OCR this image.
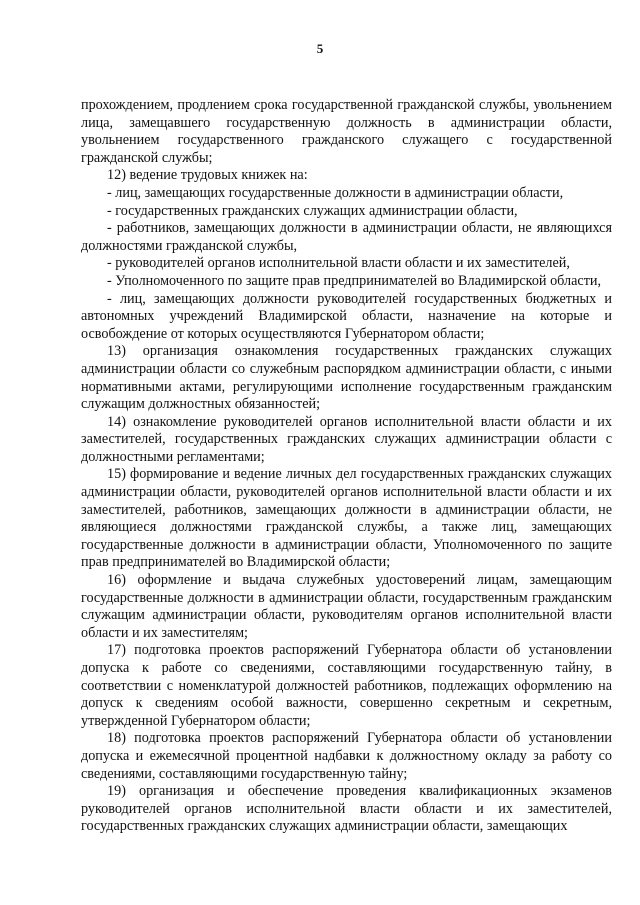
5

прохождением, продлением срока государственной гражданской службы, увольнением лица, замещавшего государственную должность в администрации области, увольнением государственного гражданского служащего с государственной гражданской службы;

12) ведение трудовых книжек на:

- лиц, замещающих государственные должности в администрации области,

- государственных гражданских служащих администрации области,

- работников, замещающих должности в администрации области, не являющихся должностями гражданской службы,

- руководителей органов исполнительной власти области и их заместителей,

- Уполномоченного по защите прав предпринимателей во Владимирской области,

- лиц, замещающих должности руководителей государственных бюджетных и автономных учреждений Владимирской области, назначение на которые и освобождение от которых осуществляются Губернатором области;

13) организация ознакомления государственных гражданских служащих администрации области со служебным распорядком администрации области, с иными нормативными актами, регулирующими исполнение государственным гражданским служащим должностных обязанностей;

14) ознакомление руководителей органов исполнительной власти области и их заместителей, государственных гражданских служащих администрации области с должностными регламентами;

15) формирование и ведение личных дел государственных гражданских служащих администрации области, руководителей органов исполнительной власти области и их заместителей, работников, замещающих должности в администрации области, не являющиеся должностями гражданской службы, а также лиц, замещающих государственные должности в администрации области, Уполномоченного по защите прав предпринимателей во Владимирской области;

16) оформление и выдача служебных удостоверений лицам, замещающим государственные должности в администрации области, государственным гражданским служащим администрации области, руководителям органов исполнительной власти области и их заместителям;

17) подготовка проектов распоряжений Губернатора области об установлении допуска к работе со сведениями, составляющими государственную тайну, в соответствии с номенклатурой должностей работников, подлежащих оформлению на допуск к сведениям особой важности, совершенно секретным и секретным, утвержденной Губернатором области;

18) подготовка проектов распоряжений Губернатора области об установлении допуска и ежемесячной процентной надбавки к должностному окладу за работу со сведениями, составляющими государственную тайну;

19) организация и обеспечение проведения квалификационных экзаменов руководителей органов исполнительной власти области и их заместителей, государственных гражданских служащих администрации области, замещающих
